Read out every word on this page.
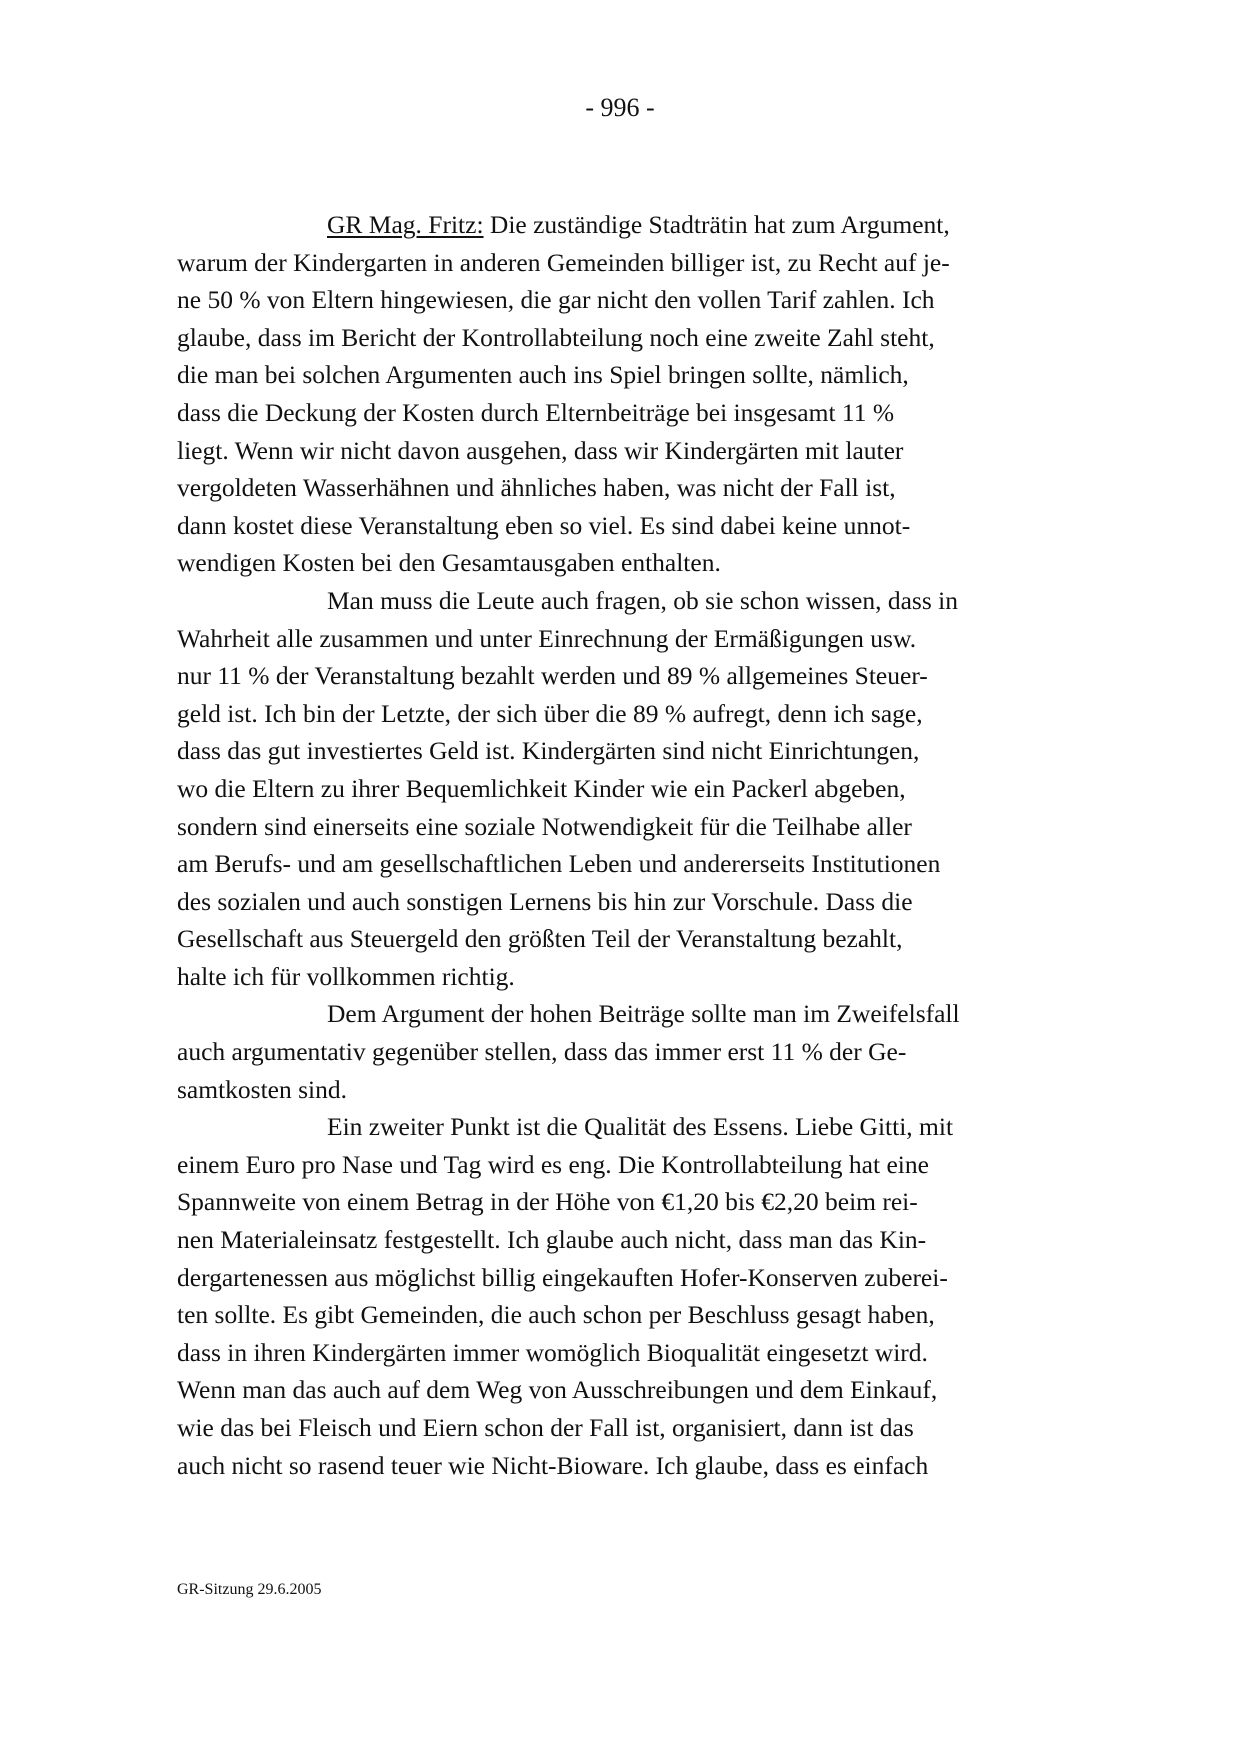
- 996 -
GR Mag. Fritz: Die zuständige Stadträtin hat zum Argument,
warum der Kindergarten in anderen Gemeinden billiger ist, zu Recht auf je-
ne 50 % von Eltern hingewiesen, die gar nicht den vollen Tarif zahlen. Ich
glaube, dass im Bericht der Kontrollabteilung noch eine zweite Zahl steht,
die man bei solchen Argumenten auch ins Spiel bringen sollte, nämlich,
dass die Deckung der Kosten durch Elternbeiträge bei insgesamt 11 %
liegt. Wenn wir nicht davon ausgehen, dass wir Kindergärten mit lauter
vergoldeten Wasserhähnen und ähnliches haben, was nicht der Fall ist,
dann kostet diese Veranstaltung eben so viel. Es sind dabei keine unnot-
wendigen Kosten bei den Gesamtausgaben enthalten.
Man muss die Leute auch fragen, ob sie schon wissen, dass in
Wahrheit alle zusammen und unter Einrechnung der Ermäßigungen usw.
nur 11 % der Veranstaltung bezahlt werden und 89 % allgemeines Steuer-
geld ist. Ich bin der Letzte, der sich über die 89 % aufregt, denn ich sage,
dass das gut investiertes Geld ist. Kindergärten sind nicht Einrichtungen,
wo die Eltern zu ihrer Bequemlichkeit Kinder wie ein Packerl abgeben,
sondern sind einerseits eine soziale Notwendigkeit für die Teilhabe aller
am Berufs- und am gesellschaftlichen Leben und andererseits Institutionen
des sozialen und auch sonstigen Lernens bis hin zur Vorschule. Dass die
Gesellschaft aus Steuergeld den größten Teil der Veranstaltung bezahlt,
halte ich für vollkommen richtig.
Dem Argument der hohen Beiträge sollte man im Zweifelsfall
auch argumentativ gegenüber stellen, dass das immer erst 11 % der Ge-
samtkosten sind.
Ein zweiter Punkt ist die Qualität des Essens. Liebe Gitti, mit
einem Euro pro Nase und Tag wird es eng. Die Kontrollabteilung hat eine
Spannweite von einem Betrag in der Höhe von €1,20 bis €2,20 beim rei-
nen Materialeinsatz festgestellt. Ich glaube auch nicht, dass man das Kin-
dergartenessen aus möglichst billig eingekauften Hofer-Konserven zuberei-
ten sollte. Es gibt Gemeinden, die auch schon per Beschluss gesagt haben,
dass in ihren Kindergärten immer womöglich Bioqualität eingesetzt wird.
Wenn man das auch auf dem Weg von Ausschreibungen und dem Einkauf,
wie das bei Fleisch und Eiern schon der Fall ist, organisiert, dann ist das
auch nicht so rasend teuer wie Nicht-Bioware. Ich glaube, dass es einfach
GR-Sitzung 29.6.2005
